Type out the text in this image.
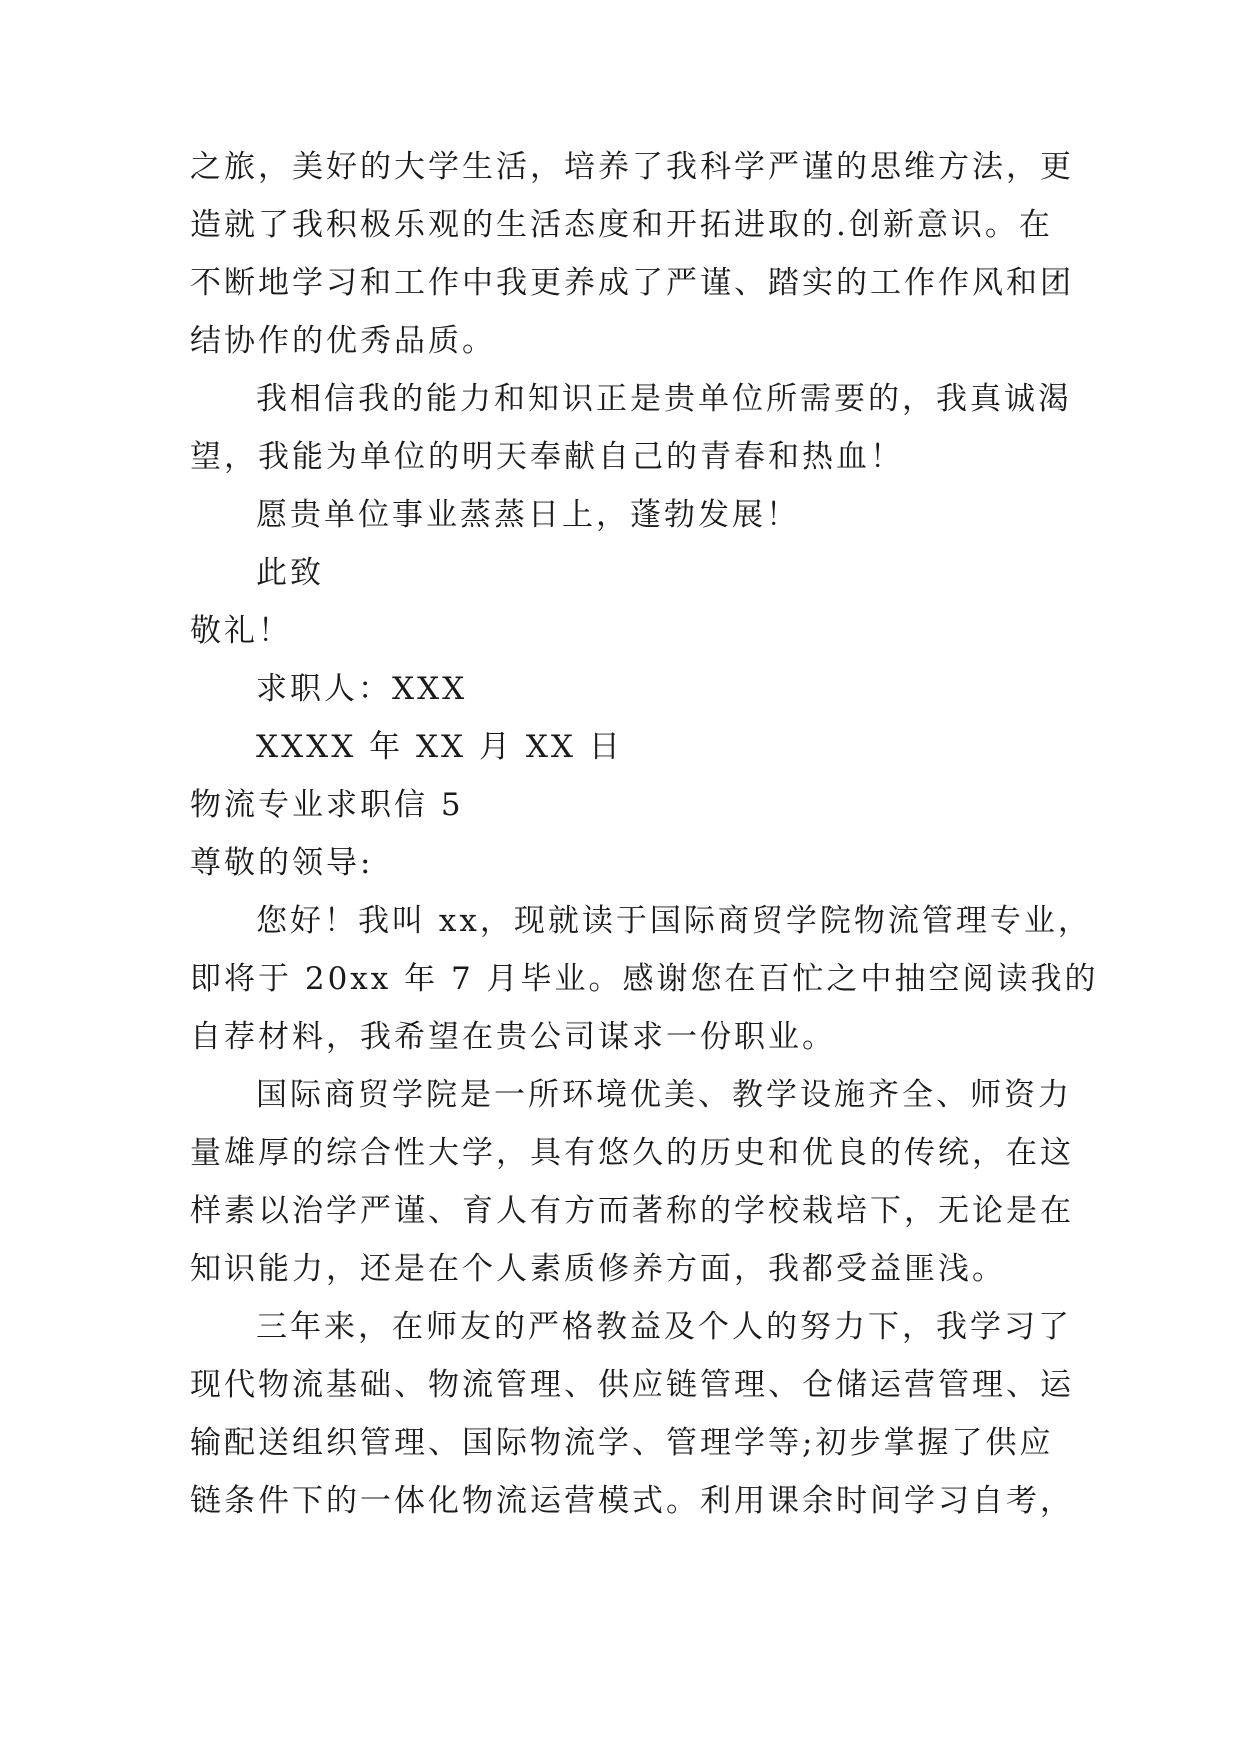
之旅，美好的大学生活，培养了我科学严谨的思维方法，更
造就了我积极乐观的生活态度和开拓进取的.创新意识。在
不断地学习和工作中我更养成了严谨、踏实的工作作风和团
结协作的优秀品质。
我相信我的能力和知识正是贵单位所需要的，我真诚渴
望，我能为单位的明天奉献自己的青春和热血！
愿贵单位事业蒸蒸日上，蓬勃发展！
此致
敬礼！
求职人：XXX
XXXX 年 XX 月 XX 日
物流专业求职信 5
尊敬的领导:
您好！我叫 xx，现就读于国际商贸学院物流管理专业，
即将于 20xx 年 7 月毕业。感谢您在百忙之中抽空阅读我的
自荐材料，我希望在贵公司谋求一份职业。
国际商贸学院是一所环境优美、教学设施齐全、师资力
量雄厚的综合性大学，具有悠久的历史和优良的传统，在这
样素以治学严谨、育人有方而著称的学校栽培下，无论是在
知识能力，还是在个人素质修养方面，我都受益匪浅。
三年来，在师友的严格教益及个人的努力下，我学习了
现代物流基础、物流管理、供应链管理、仓储运营管理、运
输配送组织管理、国际物流学、管理学等;初步掌握了供应
链条件下的一体化物流运营模式。利用课余时间学习自考，
